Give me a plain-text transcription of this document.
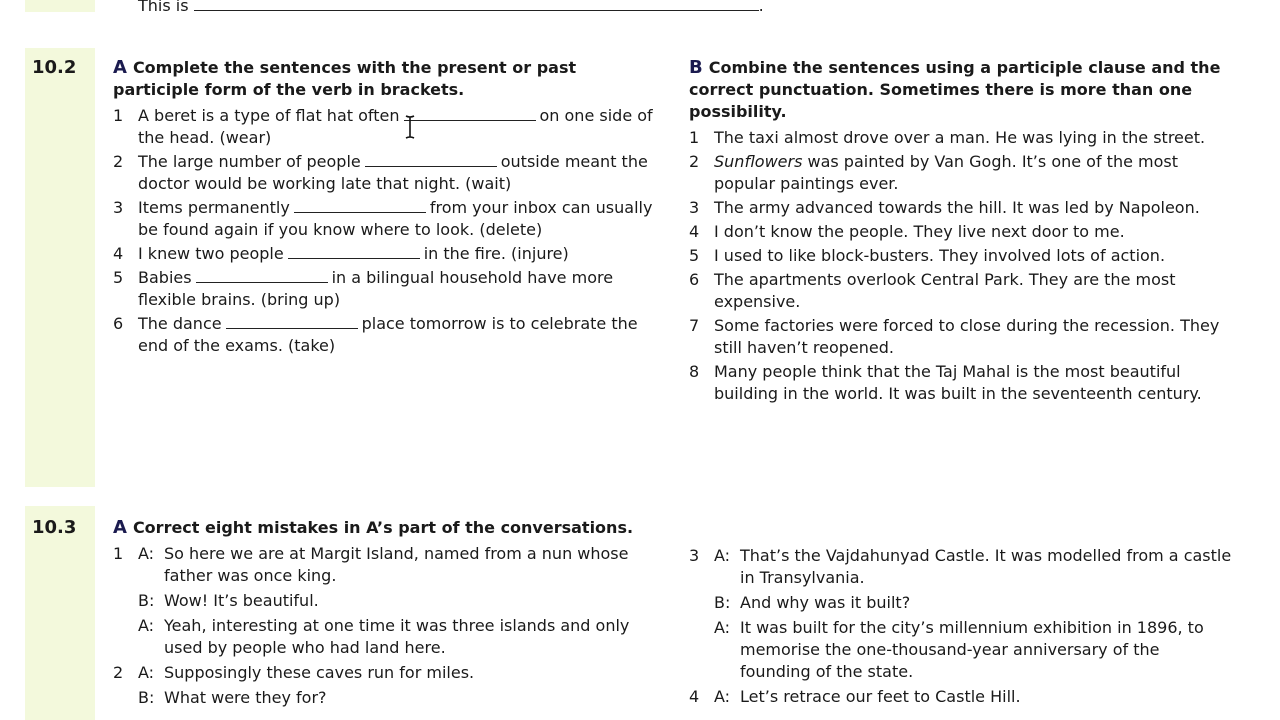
This is	.
10.2 A Complete the sentences with the present or past participle form of the verb in brackets.
1 A beret is a type of flat hat often	on one side of the head. (wear)
2 The large number of people	outside meant the doctor would be working late that night. (wait)
3 Items permanently	from your inbox can usually be found again if you know where to look. (delete)
4 I knew two people	in the fire. (injure)
5 Babies	in a bilingual household have more flexible brains. (bring up)
6 The dance	place tomorrow is to celebrate the end of the exams. (take)
B Combine the sentences using a participle clause and the correct punctuation. Sometimes there is more than one possibility.
1 The taxi almost drove over a man. He was lying in the street.
2 Sunflowers was painted by Van Gogh. It’s one of the most popular paintings ever.
3 The army advanced towards the hill. It was led by Napoleon.
4 I don’t know the people. They live next door to me.
5 I used to like block-busters. They involved lots of action.
6 The apartments overlook Central Park. They are the most expensive.
7 Some factories were forced to close during the recession. They still haven’t reopened.
8 Many people think that the Taj Mahal is the most beautiful building in the world. It was built in the seventeenth century.
10.3 A Correct eight mistakes in A’s part of the conversations.
1 A: So here we are at Margit Island, named from a nun whose father was once king.
B: Wow! It’s beautiful.
A: Yeah, interesting at one time it was three islands and only used by people who had land here.
2 A: Supposingly these caves run for miles.
B: What were they for?
3 A: That’s the Vajdahunyad Castle. It was modelled from a castle in Transylvania.
B: And why was it built?
A: It was built for the city’s millennium exhibition in 1896, to memorise the one-thousand-year anniversary of the founding of the state.
4 A: Let’s retrace our feet to Castle Hill.
